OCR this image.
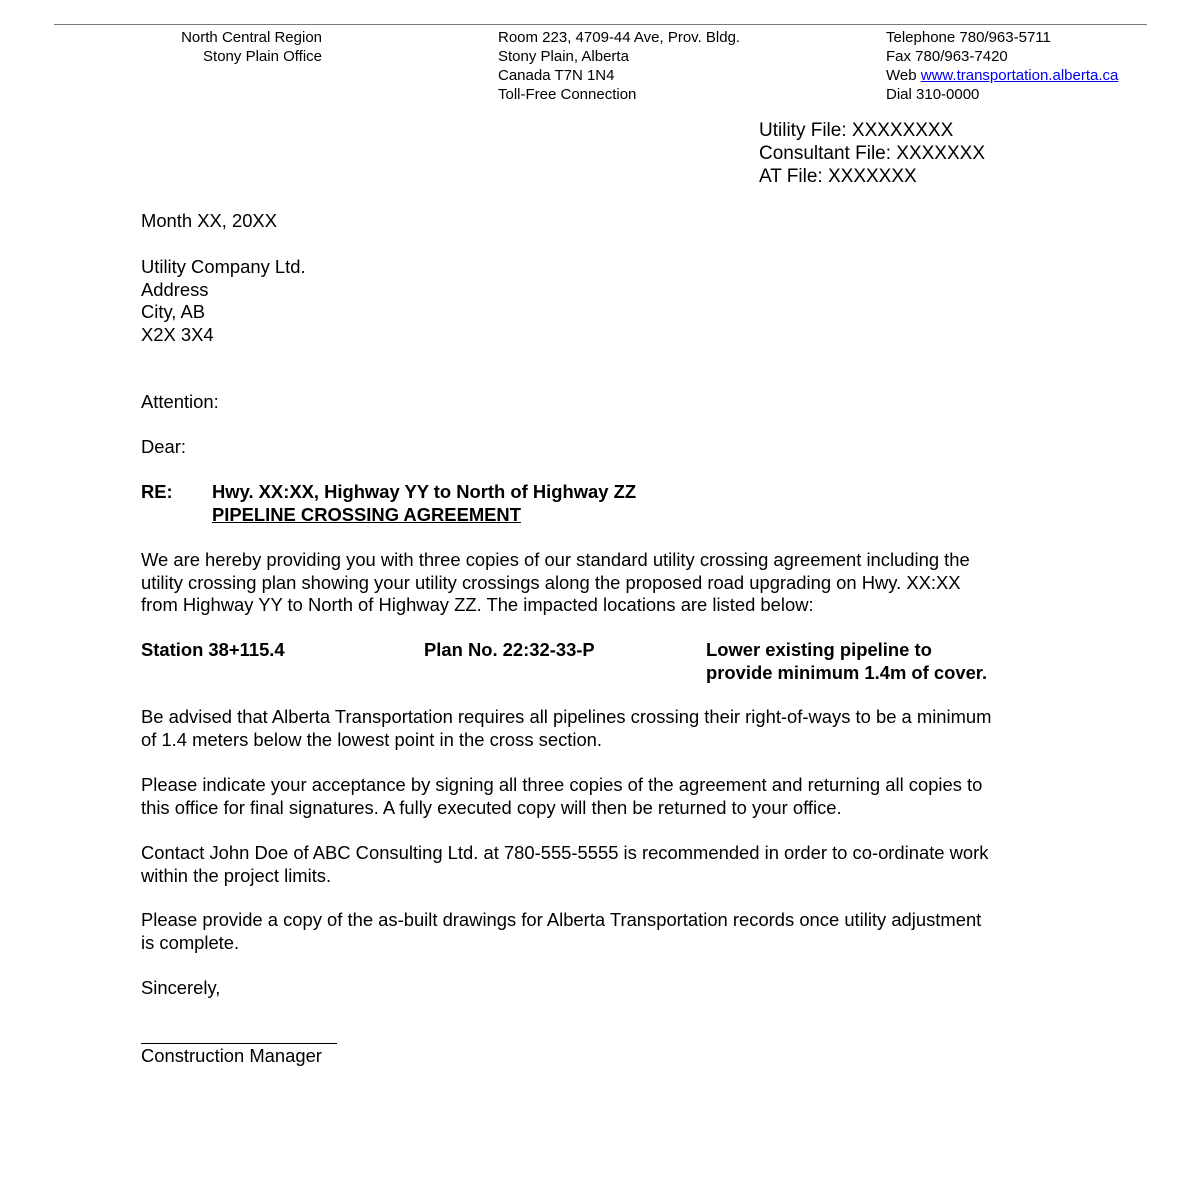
North Central Region
Stony Plain Office
Room 223, 4709-44 Ave, Prov. Bldg.
Stony Plain, Alberta
Canada T7N 1N4
Toll-Free Connection
Telephone 780/963-5711
Fax 780/963-7420
Web www.transportation.alberta.ca
Dial 310-0000
Utility File: XXXXXXXX
Consultant File: XXXXXXX
AT File: XXXXXXX
Month XX, 20XX
Utility Company Ltd.
Address
City, AB
X2X 3X4
Attention:
Dear:
RE: Hwy. XX:XX, Highway YY to North of Highway ZZ
PIPELINE CROSSING AGREEMENT
We are hereby providing you with three copies of our standard utility crossing agreement including the
utility crossing plan showing your utility crossings along the proposed road upgrading on Hwy. XX:XX
from Highway YY to North of Highway ZZ. The impacted locations are listed below:
Station 38+115.4	Plan No. 22:32-33-P	Lower existing pipeline to
provide minimum 1.4m of cover.
Be advised that Alberta Transportation requires all pipelines crossing their right-of-ways to be a minimum
of 1.4 meters below the lowest point in the cross section.
Please indicate your acceptance by signing all three copies of the agreement and returning all copies to
this office for final signatures. A fully executed copy will then be returned to your office.
Contact John Doe of ABC Consulting Ltd. at 780-555-5555 is recommended in order to co-ordinate work
within the project limits.
Please provide a copy of the as-built drawings for Alberta Transportation records once utility adjustment
is complete.
Sincerely,
Construction Manager
